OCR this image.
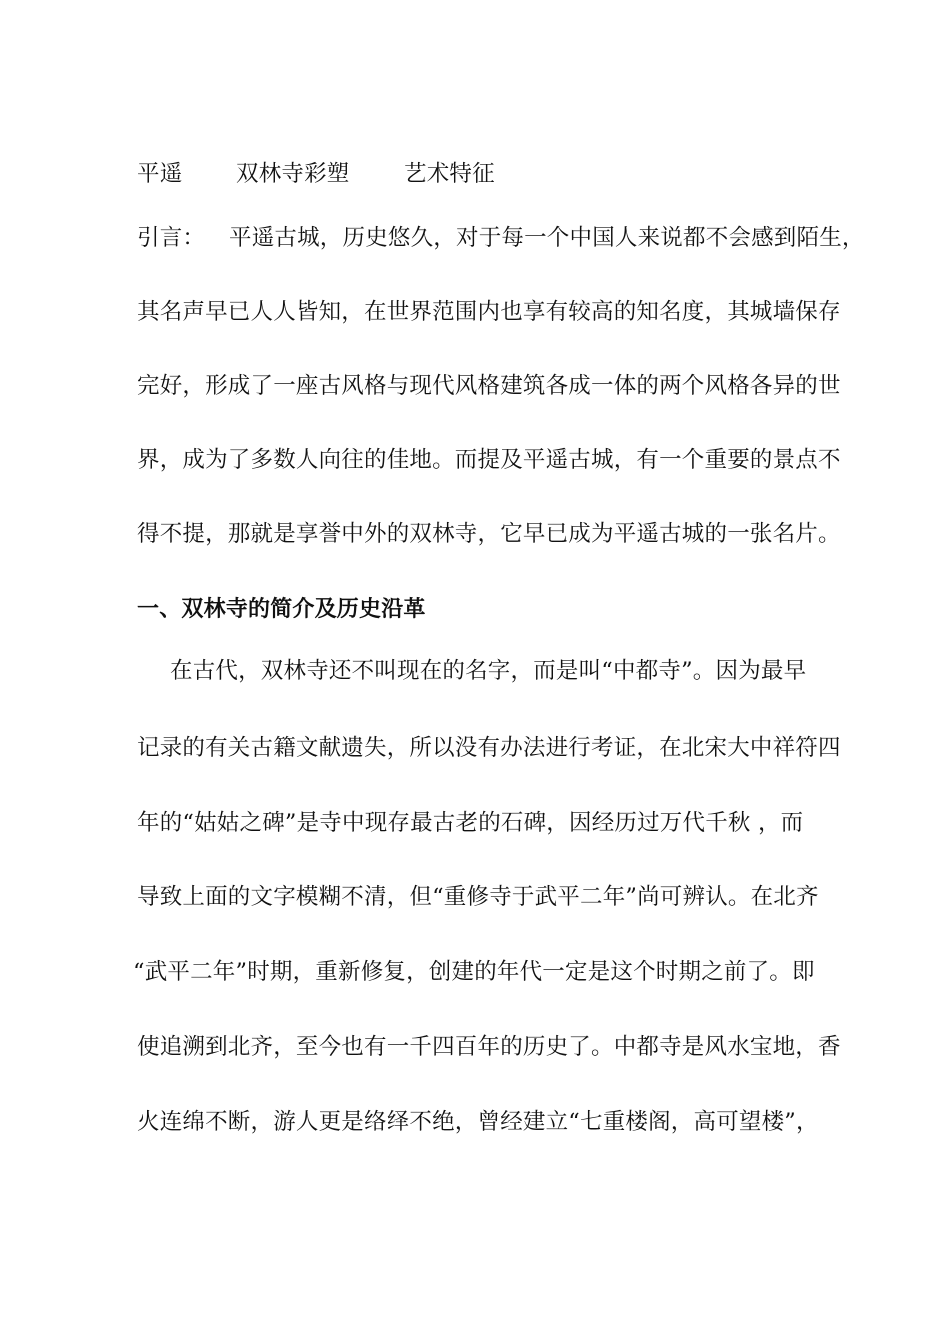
平遥 双林寺彩塑 艺术特征
引言： 平遥古城，历史悠久，对于每一个中国人来说都不会感到陌生，
其名声早已人人皆知，在世界范围内也享有较高的知名度，其城墙保存
完好，形成了一座古风格与现代风格建筑各成一体的两个风格各异的世
界，成为了多数人向往的佳地。而提及平遥古城，有一个重要的景点不
得不提，那就是享誉中外的双林寺，它早已成为平遥古城的一张名片。
一、双林寺的简介及历史沿革
在古代，双林寺还不叫现在的名字，而是叫“中都寺”。因为最早
记录的有关古籍文献遗失，所以没有办法进行考证，在北宋大中祥符四
年的“姑姑之碑”是寺中现存最古老的石碑，因经历过万代千秋 ，而
导致上面的文字模糊不清，但“重修寺于武平二年”尚可辨认。在北齐
“武平二年”时期，重新修复，创建的年代一定是这个时期之前了。即
使追溯到北齐，至今也有一千四百年的历史了。中都寺是风水宝地，香
火连绵不断，游人更是络绎不绝，曾经建立“七重楼阁，高可望楼”，
